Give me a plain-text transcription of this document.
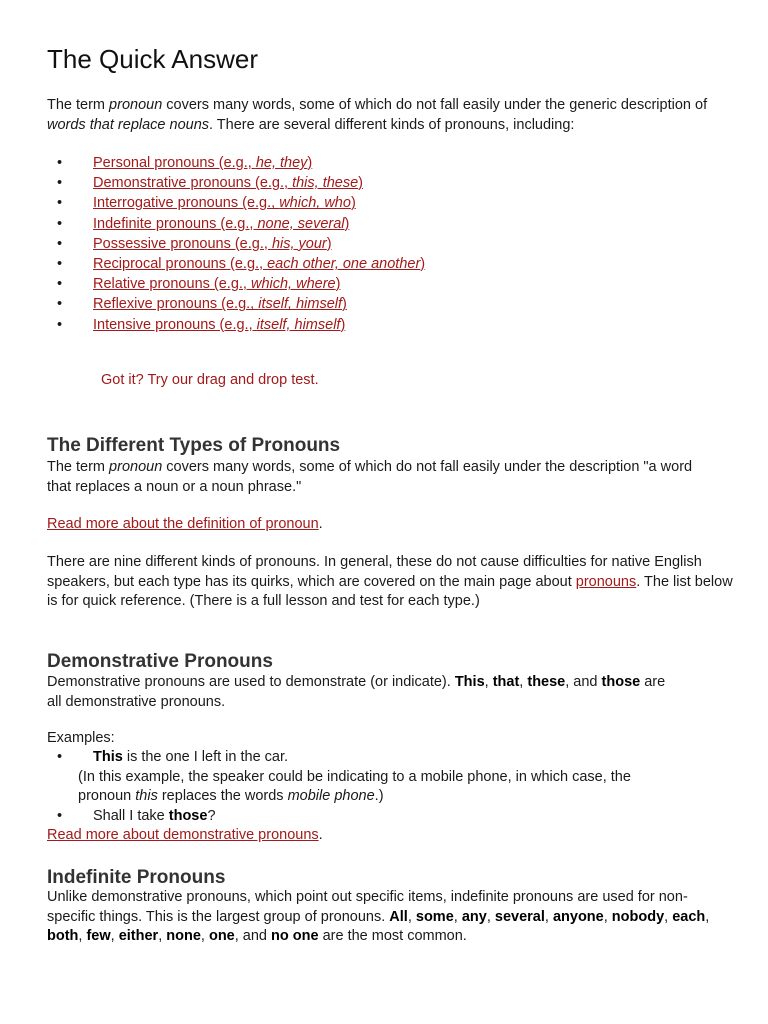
The Quick Answer

The term pronoun covers many words, some of which do not fall easily under the generic description of words that replace nouns. There are several different kinds of pronouns, including:

• Personal pronouns (e.g., he, they)
• Demonstrative pronouns (e.g., this, these)
• Interrogative pronouns (e.g., which, who)
• Indefinite pronouns (e.g., none, several)
• Possessive pronouns (e.g., his, your)
• Reciprocal pronouns (e.g., each other, one another)
• Relative pronouns (e.g., which, where)
• Reflexive pronouns (e.g., itself, himself)
• Intensive pronouns (e.g., itself, himself)

Got it? Try our drag and drop test.

The Different Types of Pronouns

The term pronoun covers many words, some of which do not fall easily under the description "a word that replaces a noun or a noun phrase."

Read more about the definition of pronoun.

There are nine different kinds of pronouns. In general, these do not cause difficulties for native English speakers, but each type has its quirks, which are covered on the main page about pronouns. The list below is for quick reference. (There is a full lesson and test for each type.)

Demonstrative Pronouns

Demonstrative pronouns are used to demonstrate (or indicate). This, that, these, and those are all demonstrative pronouns.

Examples:

• This is the one I left in the car.
(In this example, the speaker could be indicating to a mobile phone, in which case, the pronoun this replaces the words mobile phone.)
• Shall I take those?

Read more about demonstrative pronouns.

Indefinite Pronouns

Unlike demonstrative pronouns, which point out specific items, indefinite pronouns are used for non-specific things. This is the largest group of pronouns. All, some, any, several, anyone, nobody, each, both, few, either, none, one, and no one are the most common.
